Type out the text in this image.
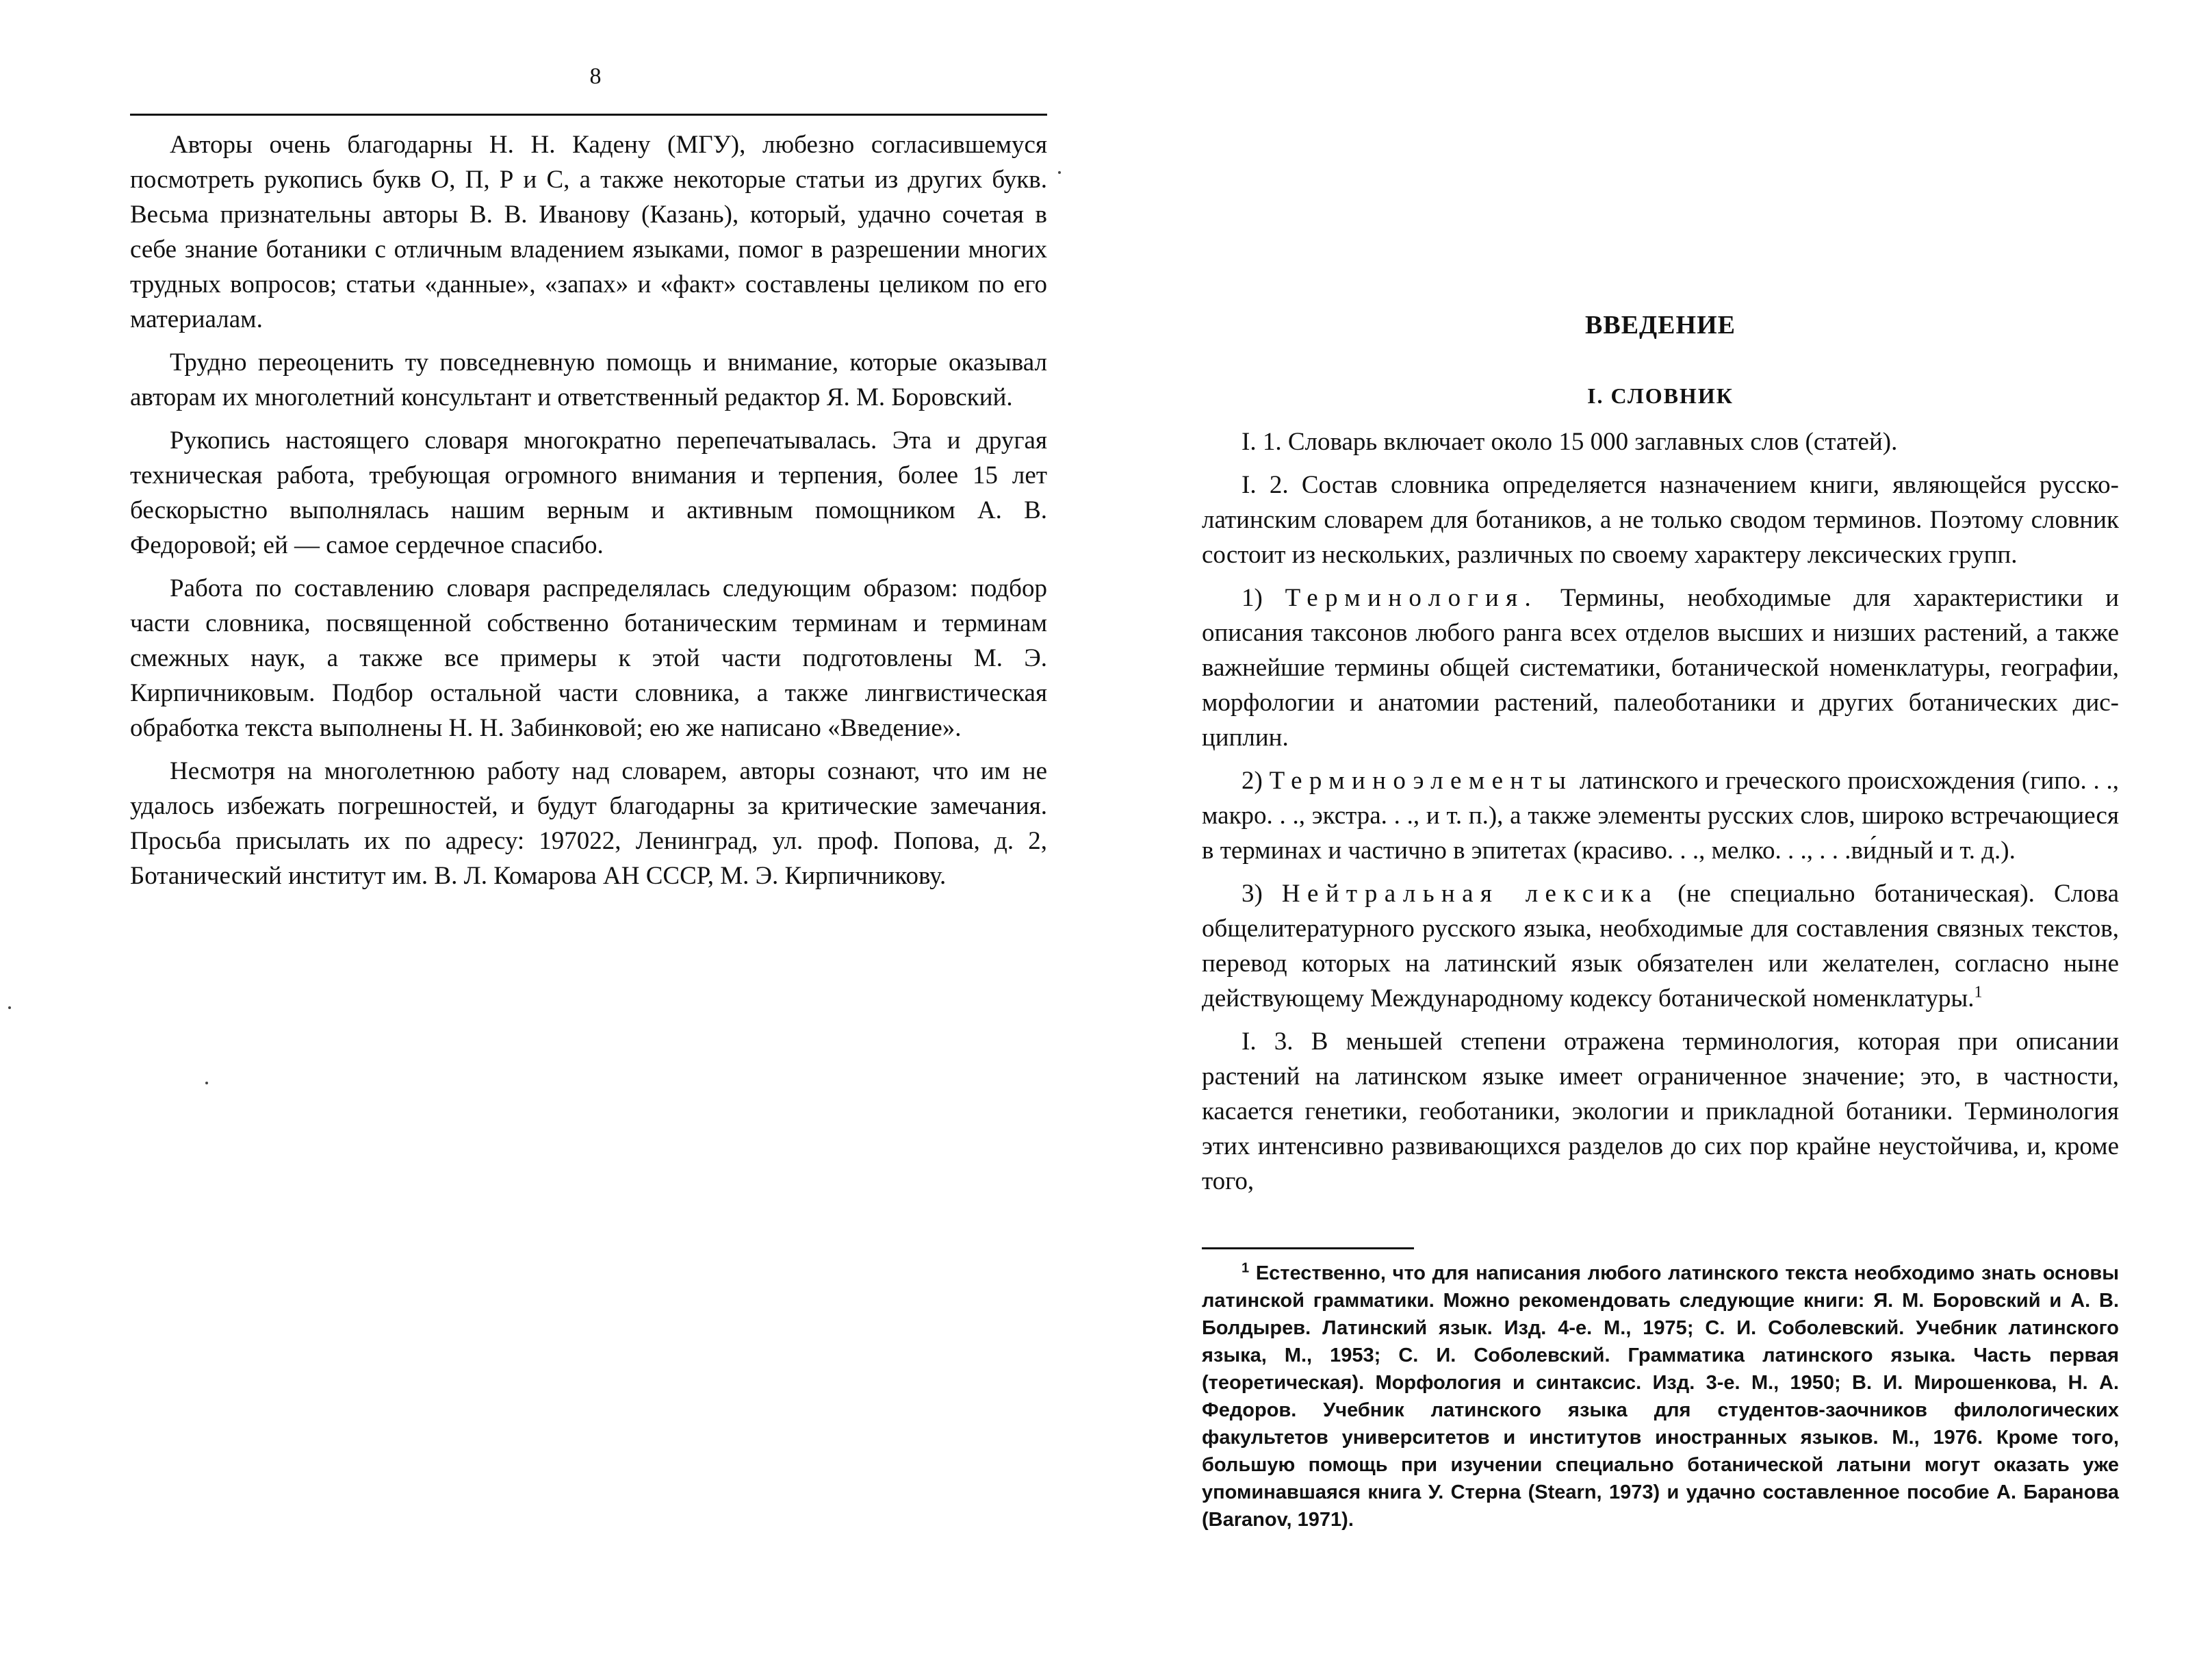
8

Авторы очень благодарны Н. Н. Кадену (МГУ), любезно согласившемуся посмотреть рукопись букв О, П, Р и С, а также некоторые статьи из других букв. Весьма признательны авторы В. В. Иванову (Казань), который, удачно сочетая в себе знание ботаники с отличным владением языками, помог в разрешении многих трудных вопросов; статьи «данные», «запах» и «факт» составлены целиком по его материалам.

Трудно переоценить ту повседневную помощь и внимание, которые оказывал авторам их многолетний консультант и ответственный редактор Я. М. Боровский.

Рукопись настоящего словаря многократно перепечатывалась. Эта и другая техническая работа, требующая огромного внимания и терпения, более 15 лет бескорыстно выполнялась нашим верным и активным помощником А. В. Федоровой; ей — самое сердечное спасибо.

Работа по составлению словаря распределялась следующим образом: подбор части словника, посвященной собственно ботаническим терминам и терминам смежных наук, а также все примеры к этой части подготовлены М. Э. Кирпичниковым. Подбор остальной части словника, а также лингвистическая обработка текста выполнены Н. Н. Забинковой; ею же написано «Введение».

Несмотря на многолетнюю работу над словарем, авторы сознают, что им не удалось избежать погрешностей, и будут благодарны за критические замечания. Просьба присылать их по адресу: 197022, Ленинград, ул. проф. Попова, д. 2, Ботанический институт им. В. Л. Комарова АН СССР, М. Э. Кирпичникову.

ВВЕДЕНИЕ
I. СЛОВНИК

I. 1. Словарь включает около 15 000 заглавных слов (статей).

I. 2. Состав словника определяется назначением книги, являющейся русско-латинским словарем для ботаников, а не только сводом терминов. Поэтому словник состоит из нескольких, различных по своему характеру лексических групп.

1) Терминология. Термины, необходимые для характеристики и описания таксонов любого ранга всех отделов высших и низших растений, а также важнейшие термины общей систематики, ботанической номенклатуры, географии, морфологии и анатомии растений, палеоботаники и других ботанических дисциплин.

2) Терминоэлементы латинского и греческого происхождения (гипо. . ., макро. . ., экстра. . ., и т. п.), а также элементы русских слов, широко встречающиеся в терминах и частично в эпитетах (красиво. . ., мелко. . ., . . .ви́дный и т. д.).

3) Нейтральная лексика (не специально ботаническая). Слова общелитературного русского языка, необходимые для составления связных текстов, перевод которых на латинский язык обязателен или желателен, согласно ныне действующему Международному кодексу ботанической номенклатуры.$^1$

I. 3. В меньшей степени отражена терминология, которая при описании растений на латинском языке имеет ограниченное значение; это, в частности, касается генетики, геоботаники, экологии и прикладной ботаники. Терминология этих интенсивно развивающихся разделов до сих пор крайне неустойчива, и, кроме того,

$^1$ Естественно, что для написания любого латинского текста необходимо знать основы латинской грамматики. Можно рекомендовать следующие книги: Я. М. Боровский и А. В. Болдырев. Латинский язык. Изд. 4-е. М., 1975; С. И. Соболевский. Учебник латинского языка, М., 1953; С. И. Соболевский. Грамматика латинского языка. Часть первая (теоретическая). Морфология и синтаксис. Изд. 3-е. М., 1950; В. И. Мирошенкова, Н. А. Федоров. Учебник латинского языка для студентов-заочников филологических факультетов университетов и институтов иностранных языков. М., 1976. Кроме того, большую помощь при изучении специально ботанической латыни могут оказать уже упоминавшаяся книга У. Стерна (Stearn, 1973) и удачно составленное пособие А. Баранова (Baranov, 1971).
